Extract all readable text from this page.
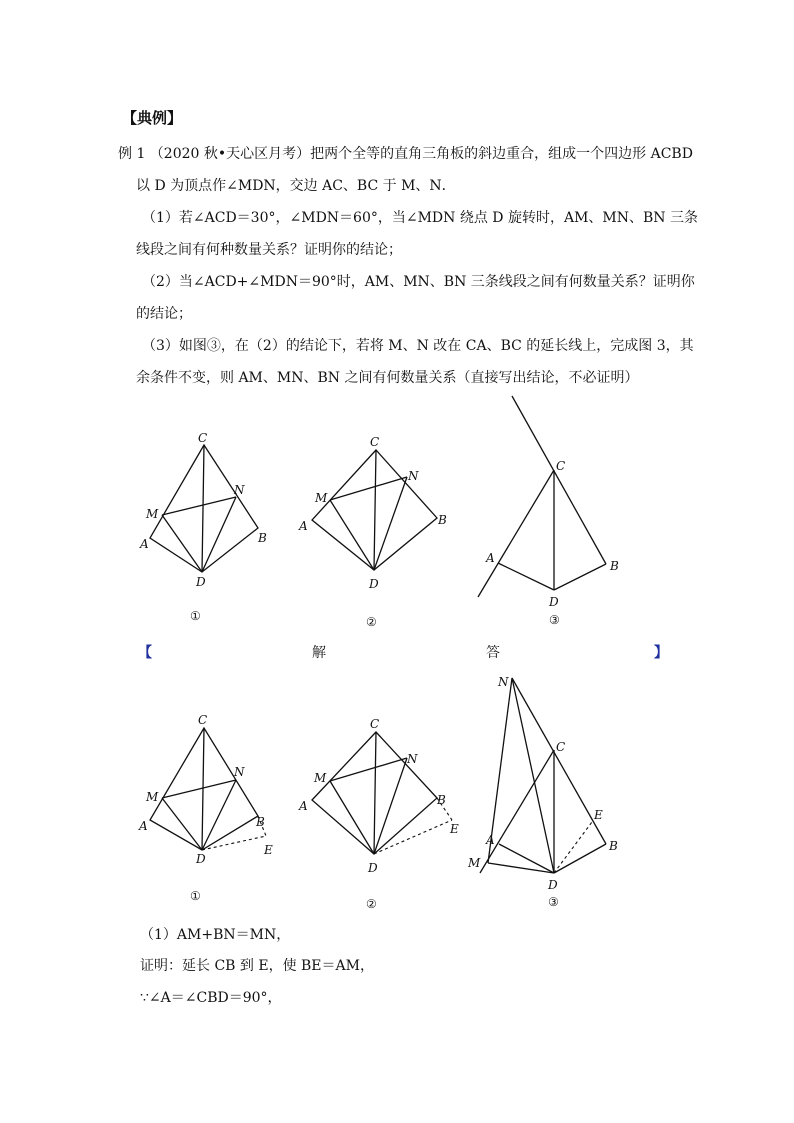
【典例】
例 1 （2020 秋•天心区月考）把两个全等的直角三角板的斜边重合，组成一个四边形 ACBD
以 D 为顶点作∠MDN，交边 AC、BC 于 M、N．
（1）若∠ACD＝30°，∠MDN＝60°，当∠MDN 绕点 D 旋转时，AM、MN、BN 三条
线段之间有何种数量关系？证明你的结论；
（2）当∠ACD+∠MDN＝90°时，AM、MN、BN 三条线段之间有何数量关系？证明你
的结论；
（3）如图③，在（2）的结论下，若将 M、N 改在 CA、BC 的延长线上，完成图 3，其
余条件不变，则 AM、MN、BN 之间有何数量关系（直接写出结论，不必证明）
C
A
M
N
B
D
①
C
A
M
N
B
D
②
C
A
B
D
③
【	解	答	】
C
A
M
N
B
E
D
①
C
A
M
N
B
E
D
②
N
C
E
A	B
M
D
③
（1）AM+BN＝MN，
证明：延长 CB 到 E，使 BE＝AM，
∵∠A＝∠CBD＝90°，
